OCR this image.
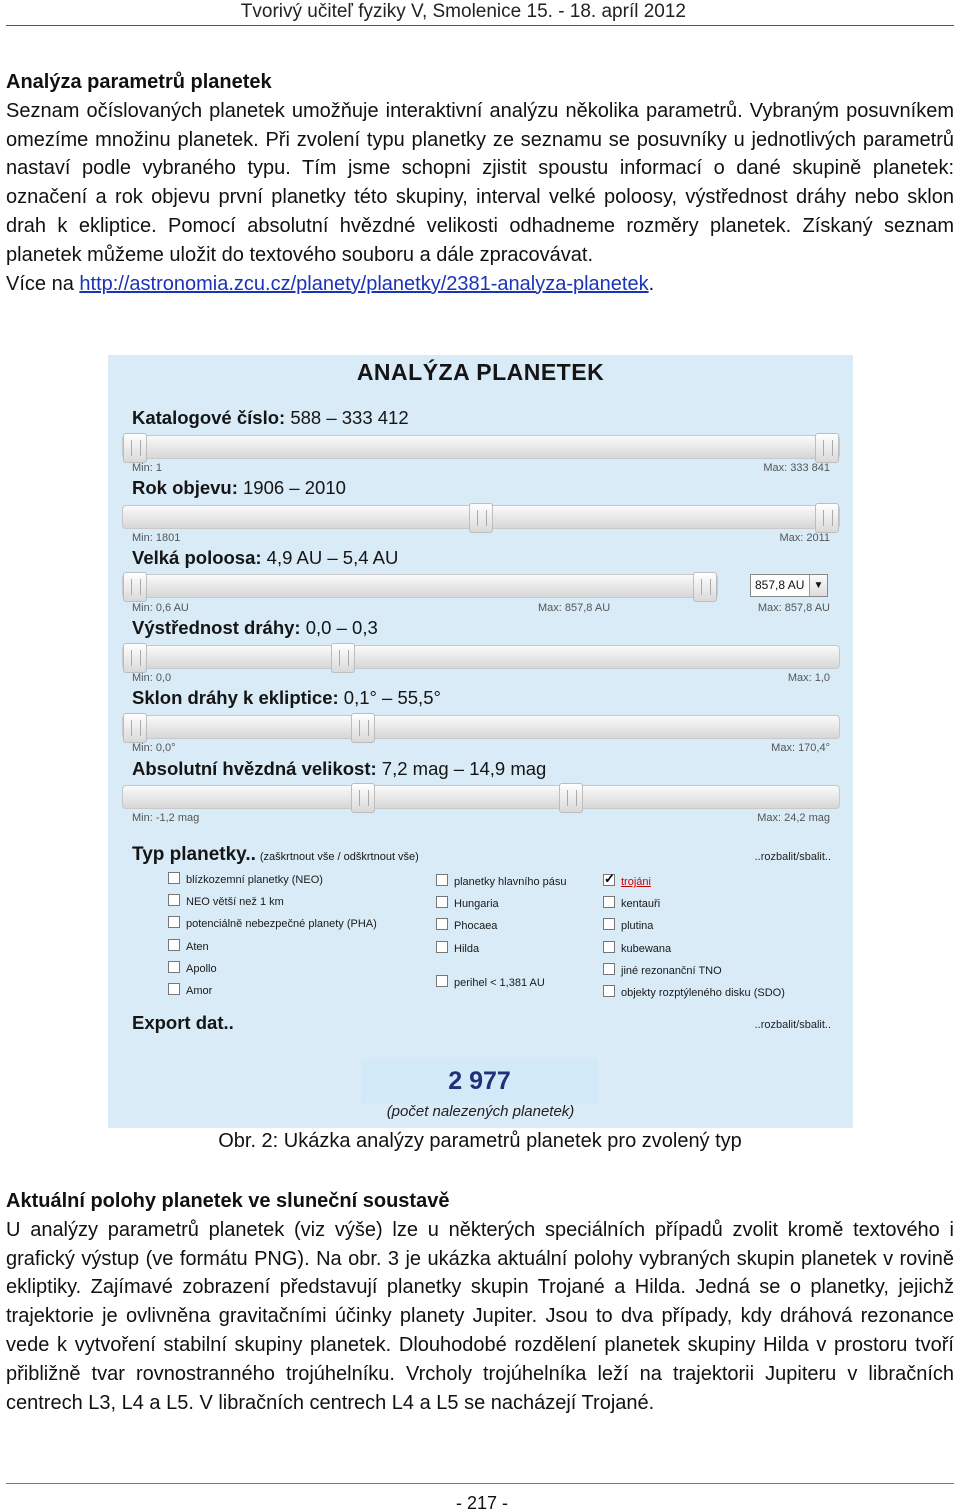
Tvorivý učiteľ fyziky V, Smolenice 15. - 18. apríl 2012
Analýza parametrů planetek

Seznam očíslovaných planetek umožňuje interaktivní analýzu několika parametrů. Vybraným posuvníkem omezíme množinu planetek. Při zvolení typu planetky ze seznamu se posuvníky u jednotlivých parametrů nastaví podle vybraného typu. Tím jsme schopni zjistit spoustu informací o dané skupině planetek: označení a rok objevu první planetky této skupiny, interval velké poloosy, výstřednost dráhy nebo sklon drah k ekliptice. Pomocí absolutní hvězdné velikosti odhadneme rozměry planetek. Získaný seznam planetek můžeme uložit do textového souboru a dále zpracovávat.

Více na http://astronomia.zcu.cz/planety/planetky/2381-analyza-planetek.

ANALÝZA PLANETEK
Katalogové číslo: 588 – 333 412
Min: 1	Max: 333 841
Rok objevu: 1906 – 2010
Min: 1801	Max: 2011
Velká poloosa: 4,9 AU – 5,4 AU
857,8 AU ▼
Min: 0,6 AU	Max: 857,8 AU	Max: 857,8 AU
Výstřednost dráhy: 0,0 – 0,3
Min: 0,0	Max: 1,0
Sklon dráhy k ekliptice: 0,1° – 55,5°
Min: 0,0°	Max: 170,4°
Absolutní hvězdná velikost: 7,2 mag – 14,9 mag
Min: -1,2 mag	Max: 24,2 mag
Typ planetky.. (zaškrtnout vše / odškrtnout vše)	..rozbalit/sbalit..
blízkozemní planetky (NEO)
NEO větší než 1 km
potenciálně nebezpečné planety (PHA)
Aten
Apollo
Amor
planetky hlavního pásu
Hungaria
Phocaea
Hilda
perihel < 1,381 AU
✓trojáni
kentauři
plutina
kubewana
jiné rezonanční TNO
objekty rozptýleného disku (SDO)
Export dat..	..rozbalit/sbalit..
2 977
(počet nalezených planetek)
Obr. 2: Ukázka analýzy parametrů planetek pro zvolený typ
Aktuální polohy planetek ve sluneční soustavě

U analýzy parametrů planetek (viz výše) lze u některých speciálních případů zvolit kromě textového i grafický výstup (ve formátu PNG). Na obr. 3 je ukázka aktuální polohy vybraných skupin planetek v rovině ekliptiky. Zajímavé zobrazení představují planetky skupin Trojané a Hilda. Jedná se o planetky, jejichž trajektorie je ovlivněna gravitačními účinky planety Jupiter. Jsou to dva případy, kdy dráhová rezonance vede k vytvoření stabilní skupiny planetek. Dlouhodobé rozdělení planetek skupiny Hilda v prostoru tvoří přibližně tvar rovnostranného trojúhelníku. Vrcholy trojúhelníka leží na trajektorii Jupiteru v libračních centrech L3, L4 a L5. V libračních centrech L4 a L5 se nacházejí Trojané.

- 217 -
